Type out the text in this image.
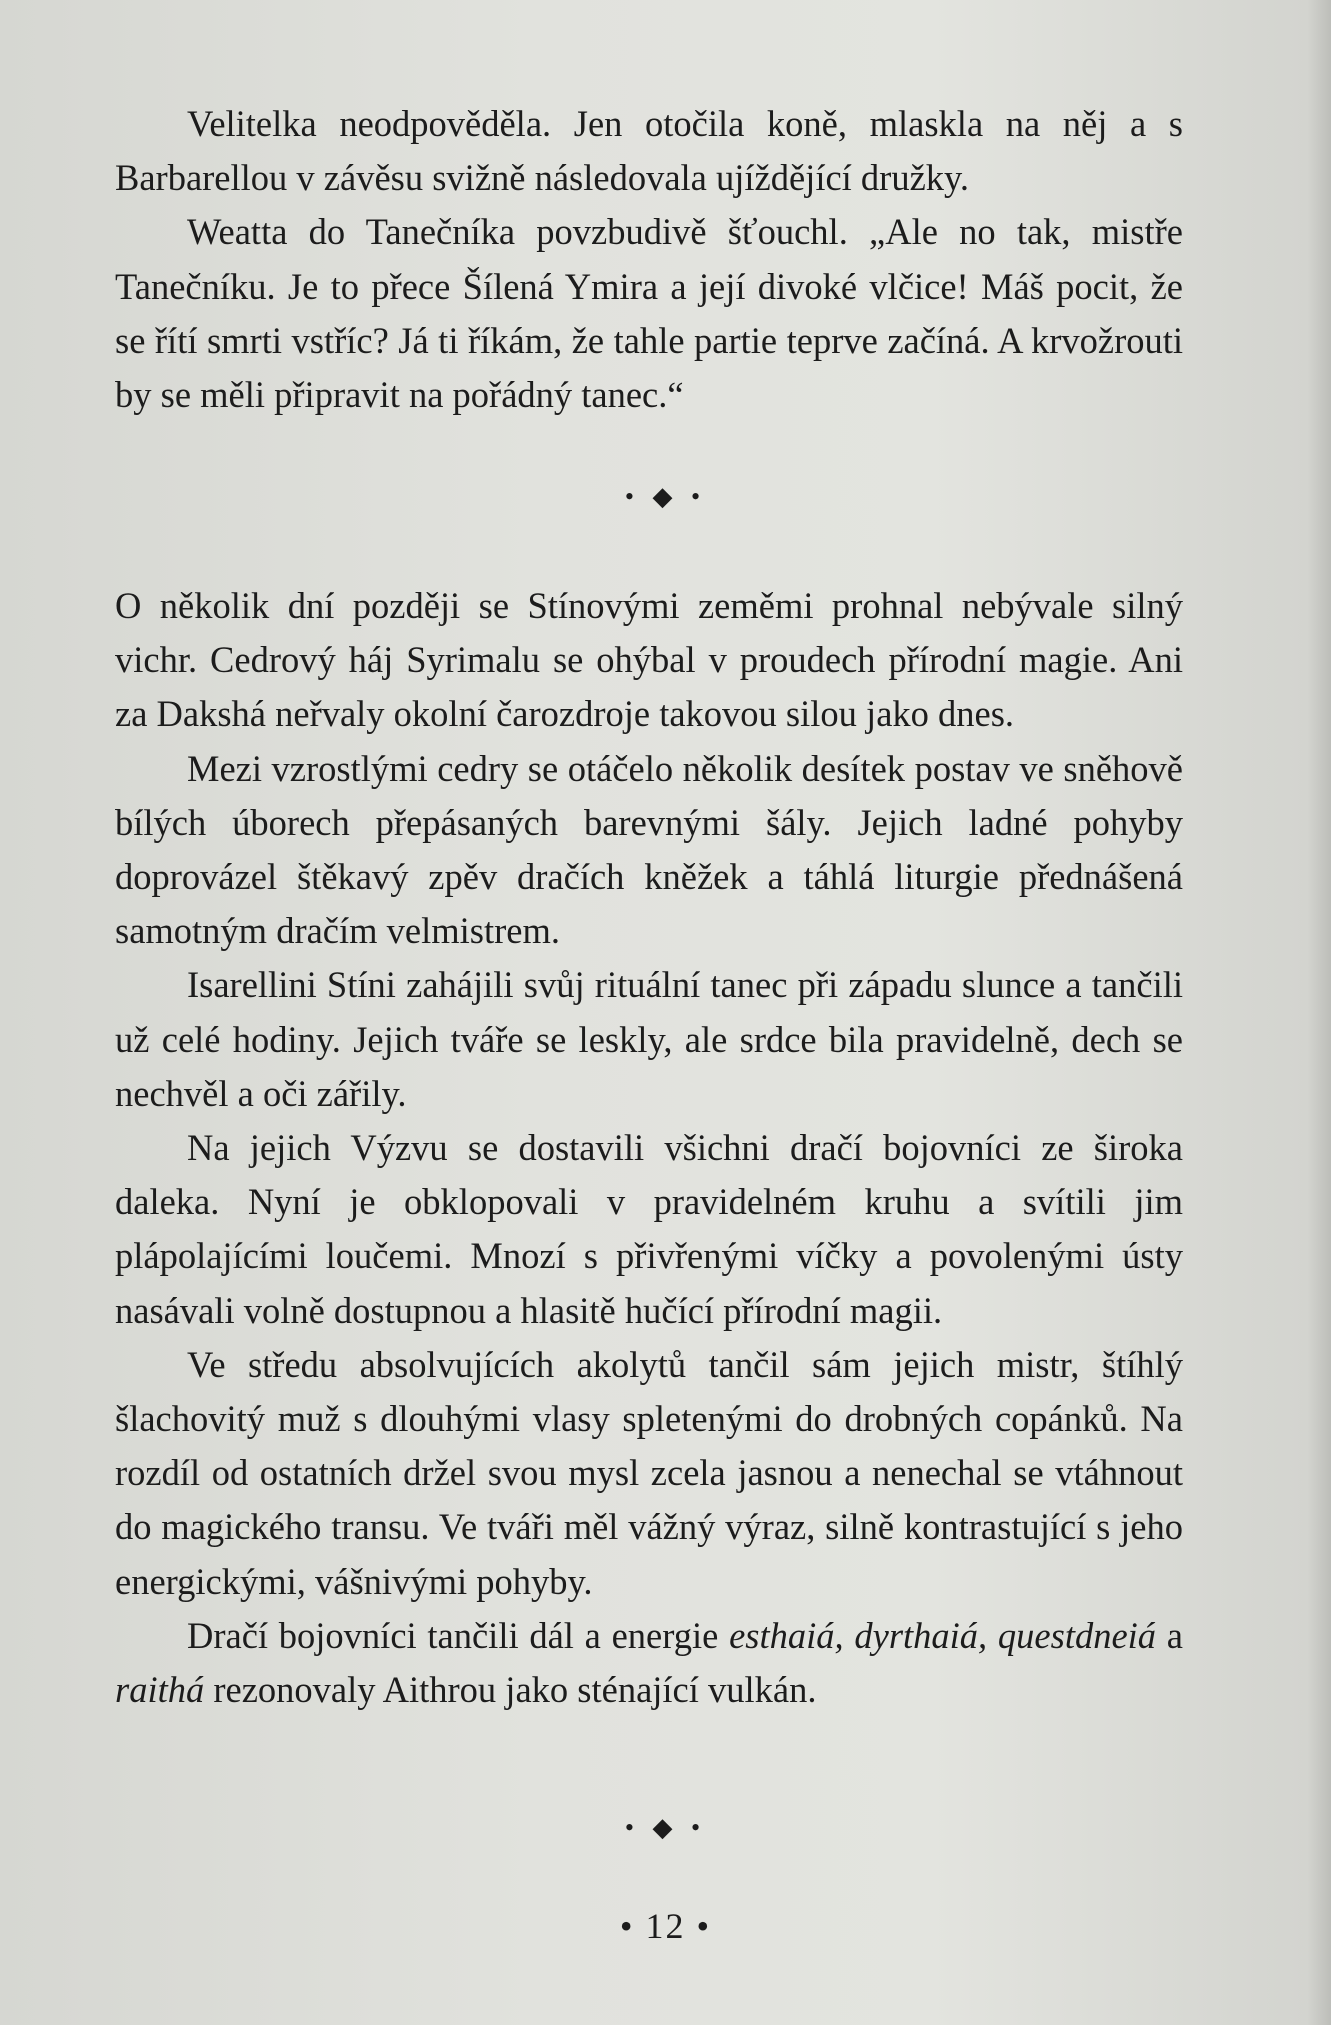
Velitelka neodpověděla. Jen otočila koně, mlaskla na něj a s Barbarellou v závěsu svižně následovala ujíždějící družky.

Weatta do Tanečníka povzbudivě šťouchl. „Ale no tak, mistře Tanečníku. Je to přece Šílená Ymira a její divoké vlčice! Máš pocit, že se řítí smrti vstříc? Já ti říkám, že tahle partie teprve začíná. A krvožrouti by se měli připravit na pořádný tanec.“

• ◆ •

O několik dní později se Stínovými zeměmi prohnal nebývale silný vichr. Cedrový háj Syrimalu se ohýbal v proudech přírodní magie. Ani za Dakshá neřvaly okolní čarozdroje takovou silou jako dnes.

Mezi vzrostlými cedry se otáčelo několik desítek postav ve sněhově bílých úborech přepásaných barevnými šály. Jejich ladné pohyby doprovázel štěkavý zpěv dračích kněžek a táhlá liturgie přednášená samotným dračím velmistrem.

Isarellini Stíni zahájili svůj rituální tanec při západu slunce a tančili už celé hodiny. Jejich tváře se leskly, ale srdce bila pravidelně, dech se nechvěl a oči zářily.

Na jejich Výzvu se dostavili všichni dračí bojovníci ze široka daleka. Nyní je obklopovali v pravidelném kruhu a svítili jim plápolajícími loučemi. Mnozí s přivřenými víčky a povolenými ústy nasávali volně dostupnou a hlasitě hučící přírodní magii.

Ve středu absolvujících akolytů tančil sám jejich mistr, štíhlý šlachovitý muž s dlouhými vlasy spletenými do drobných copánků. Na rozdíl od ostatních držel svou mysl zcela jasnou a nenechal se vtáhnout do magického transu. Ve tváři měl vážný výraz, silně kontrastující s jeho energickými, vášnivými pohyby.

Dračí bojovníci tančili dál a energie esthaiá, dyrthaiá, questdneiá a raithá rezonovaly Aithrou jako sténající vulkán.

• ◆ •
• 12 •
